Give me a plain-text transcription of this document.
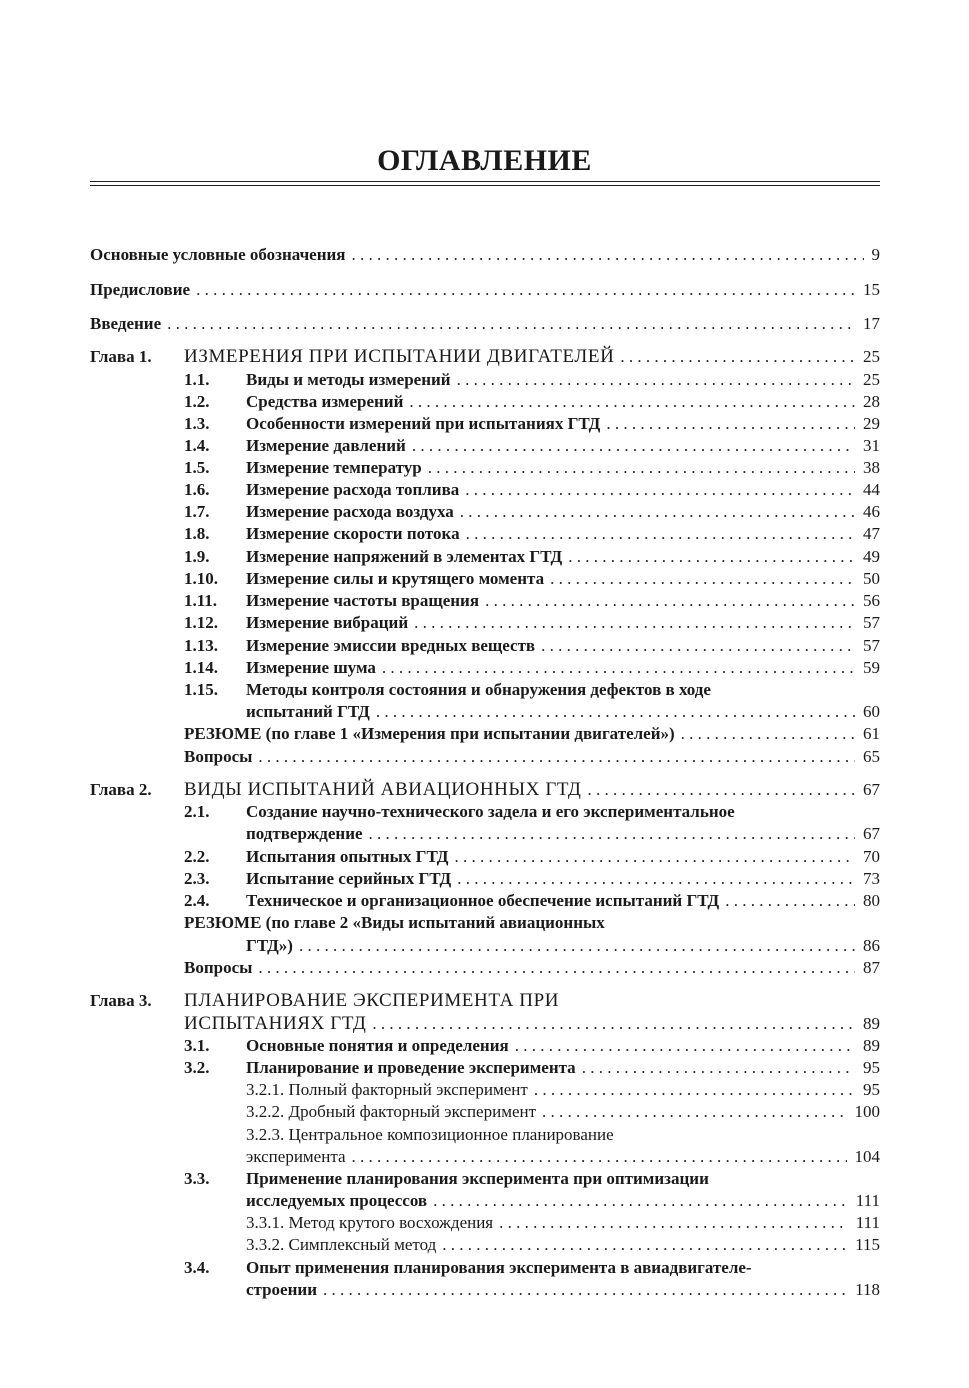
ОГЛАВЛЕНИЕ
Основные условные обозначения . . .	9
Предисловие . . .	15
Введение . . .	17
Глава 1. ИЗМЕРЕНИЯ ПРИ ИСПЫТАНИИ ДВИГАТЕЛЕЙ . . .	25
1.1. Виды и методы измерений . . .	25
1.2. Средства измерений . . .	28
1.3. Особенности измерений при испытаниях ГТД . . .	29
1.4. Измерение давлений . . .	31
1.5. Измерение температур . . .	38
1.6. Измерение расхода топлива . . .	44
1.7. Измерение расхода воздуха . . .	46
1.8. Измерение скорости потока . . .	47
1.9. Измерение напряжений в элементах ГТД . . .	49
1.10. Измерение силы и крутящего момента . . .	50
1.11. Измерение частоты вращения . . .	56
1.12. Измерение вибраций . . .	57
1.13. Измерение эмиссии вредных веществ . . .	57
1.14. Измерение шума . . .	59
1.15. Методы контроля состояния и обнаружения дефектов в ходе
испытаний ГТД . . .	60
РЕЗЮМЕ (по главе 1 «Измерения при испытании двигателей») . . .	61
Вопросы . . .	65
Глава 2. ВИДЫ ИСПЫТАНИЙ АВИАЦИОННЫХ ГТД . . .	67
2.1. Создание научно-технического задела и его экспериментальное
подтверждение . . .	67
2.2. Испытания опытных ГТД . . .	70
2.3. Испытание серийных ГТД . . .	73
2.4. Техническое и организационное обеспечение испытаний ГТД . . .	80
РЕЗЮМЕ (по главе 2 «Виды испытаний авиационных
ГТД») . . .	86
Вопросы . . .	87
Глава 3. ПЛАНИРОВАНИЕ ЭКСПЕРИМЕНТА ПРИ
ИСПЫТАНИЯХ ГТД . . .	89
3.1. Основные понятия и определения . . .	89
3.2. Планирование и проведение эксперимента . . .	95
3.2.1. Полный факторный эксперимент . . .	95
3.2.2. Дробный факторный эксперимент . . .	100
3.2.3. Центральное композиционное планирование
эксперимента . . .	104
3.3. Применение планирования эксперимента при оптимизации
исследуемых процессов . . .	111
3.3.1. Метод крутого восхождения . . .	111
3.3.2. Симплексный метод . . .	115
3.4. Опыт применения планирования эксперимента в авиадвигателе-
строении . . .	118
